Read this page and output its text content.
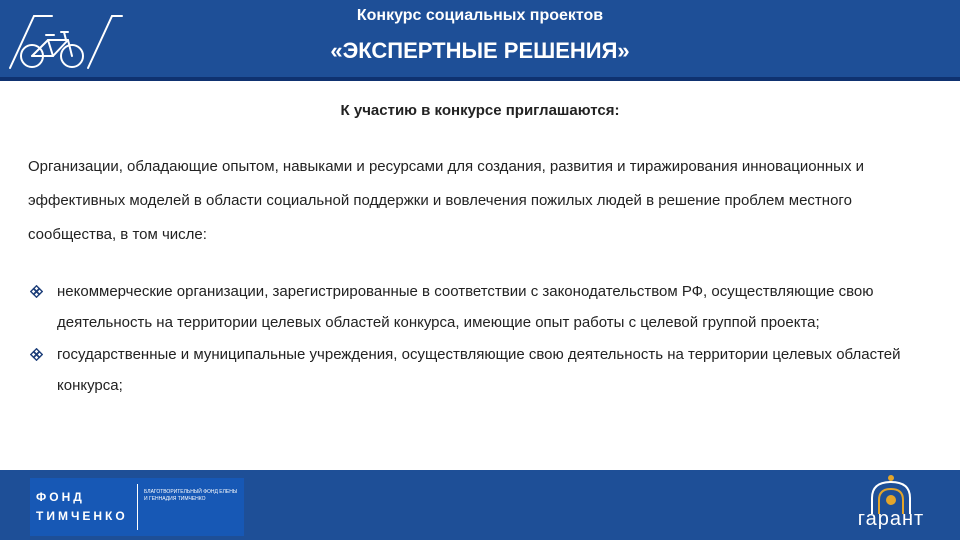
Конкурс социальных проектов
«ЭКСПЕРТНЫЕ РЕШЕНИЯ»
К участию в конкурсе приглашаются:
Организации, обладающие опытом, навыками и ресурсами для создания, развития и тиражирования инновационных и эффективных моделей в области социальной поддержки и вовлечения пожилых людей в решение проблем местного сообщества, в том числе:
некоммерческие организации, зарегистрированные в соответствии с законодательством РФ, осуществляющие свою деятельность на территории целевых областей конкурса, имеющие опыт работы с целевой группой проекта;
государственные и муниципальные учреждения, осуществляющие свою деятельность на территории целевых областей конкурса;
ФОНД
ТИМЧЕНКО
БЛАГОТВОРИТЕЛЬНЫЙ ФОНД ЕЛЕНЫ И ГЕННАДИЯ ТИМЧЕНКО
гарант
